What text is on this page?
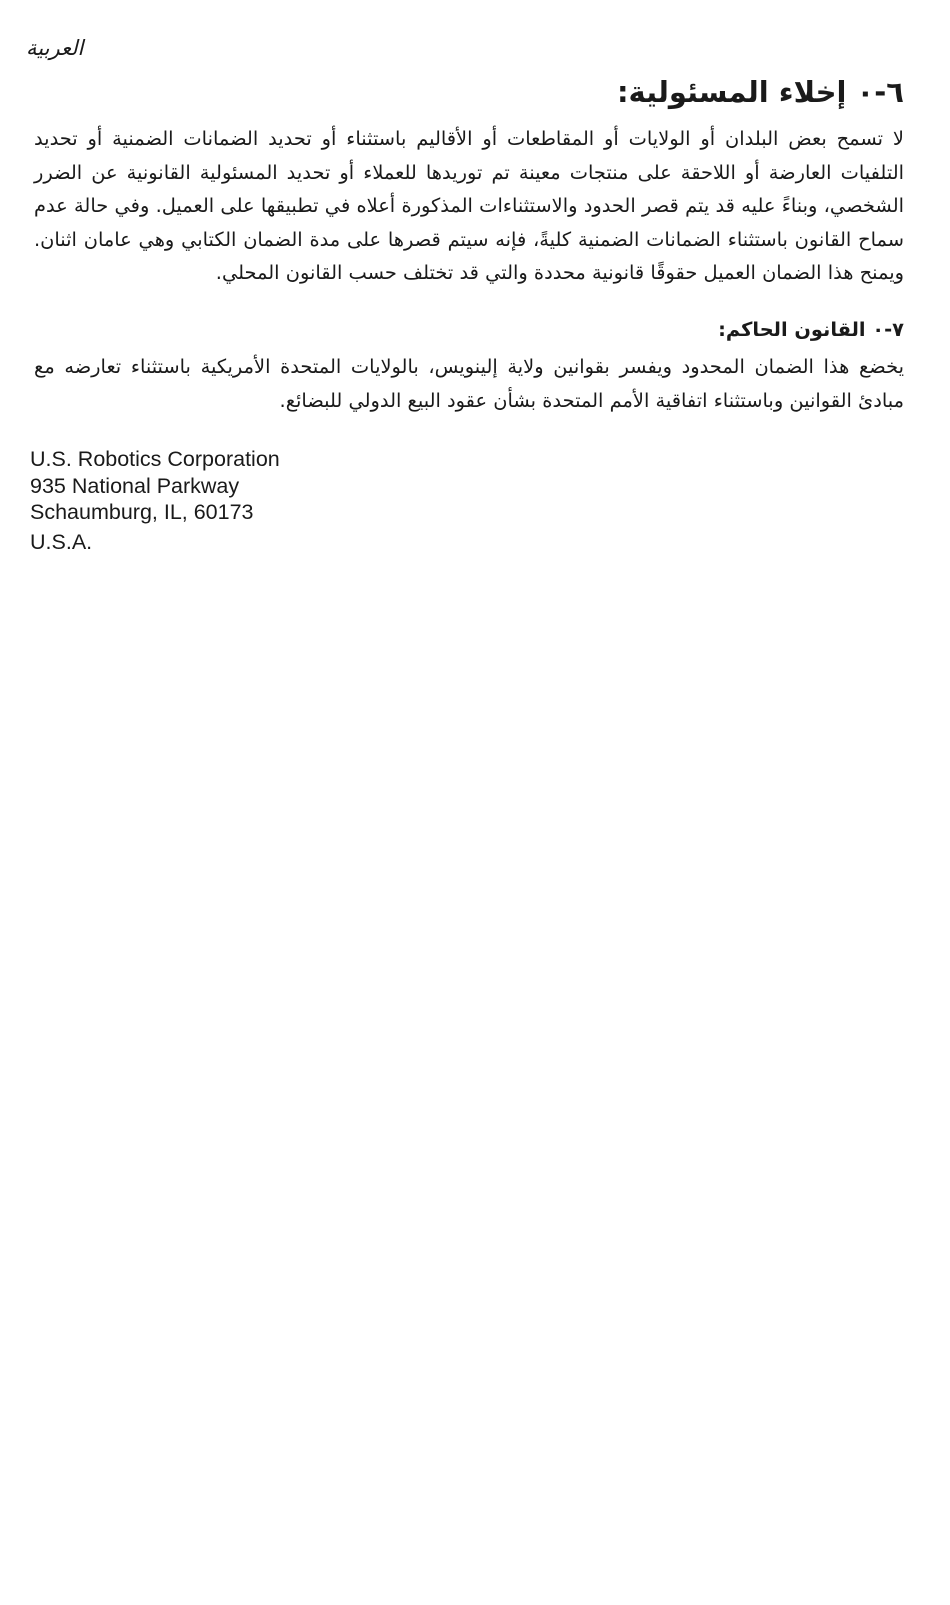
العربية
٦-٠ إخلاء المسئولية:

لا تسمح بعض البلدان أو الولايات أو المقاطعات أو الأقاليم باستثناء أو تحديد الضمانات الضمنية أو تحديد التلفيات العارضة أو اللاحقة على منتجات معينة تم توريدها للعملاء أو تحديد المسئولية القانونية عن الضرر الشخصي، وبناءً عليه قد يتم قصر الحدود والاستثناءات المذكورة أعلاه في تطبيقها على العميل. وفي حالة عدم سماح القانون باستثناء الضمانات الضمنية كليةً، فإنه سيتم قصرها على مدة الضمان الكتابي وهي عامان اثنان. ويمنح هذا الضمان العميل حقوقًا قانونية محددة والتي قد تختلف حسب القانون المحلي.

٧-٠ القانون الحاكم:

يخضع هذا الضمان المحدود ويفسر بقوانين ولاية إلينويس، بالولايات المتحدة الأمريكية باستثناء تعارضه مع مبادئ القوانين وباستثناء اتفاقية الأمم المتحدة بشأن عقود البيع الدولي للبضائع.

U.S. Robotics Corporation
935 National Parkway
Schaumburg, IL, 60173
U.S.A.
